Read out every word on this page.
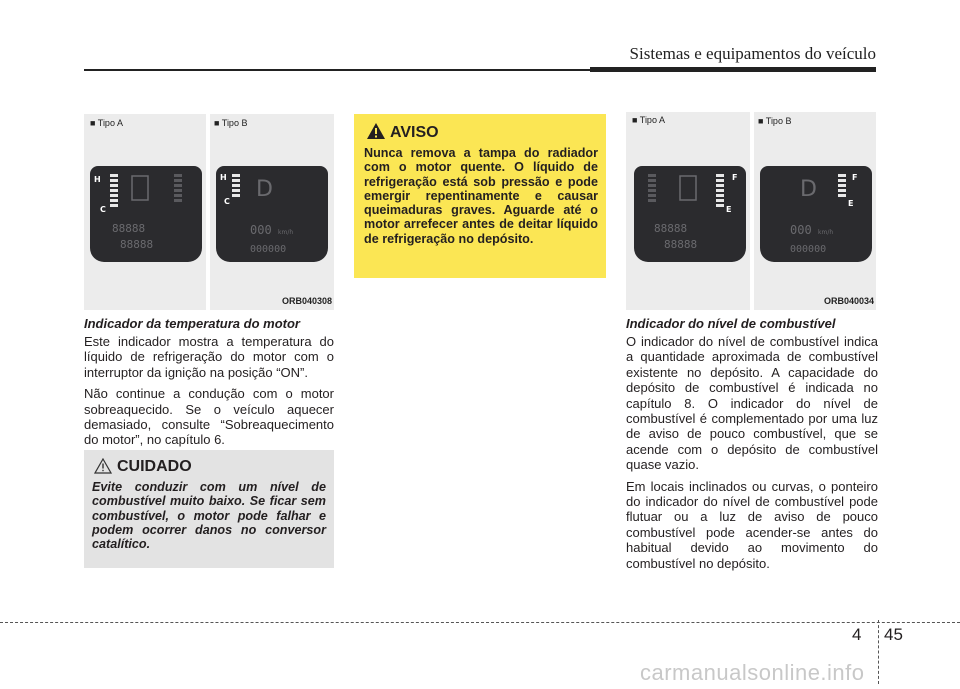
Sistemas e equipamentos do veículo
■ Tipo A	■ Tipo B
H
C
88888
88888
H
C D
000 km/h
000000
ORB040308
Indicador da temperatura do motor

Este indicador mostra a temperatura do líquido de refrigeração do motor com o interruptor da ignição na posição “ON”.

Não continue a condução com o motor sobreaquecido. Se o veículo aquecer demasiado, consulte “Sobreaquecimento do motor”, no capítulo 6.

CUIDADO
Evite conduzir com um nível de combustível muito baixo. Se ficar sem combustível, o motor pode falhar e podem ocorrer danos no conversor catalítico.
AVISO
Nunca remova a tampa do radiador com o motor quente. O líquido de refrigeração está sob pressão e pode emergir repentinamente e causar queimaduras graves. Aguarde até o motor arrefecer antes de deitar líquido de refrigeração no depósito.
■ Tipo A	■ Tipo B
F
E
88888
88888
F
E
D
000 km/h
000000
ORB040034
Indicador do nível de combustível

O indicador do nível de combustível indica a quantidade aproximada de combustível existente no depósito. A capacidade do depósito de combustível é indicada no capítulo 8. O indicador do nível de combustível é complementado por uma luz de aviso de pouco combustível, que se acende com o depósito de combustível quase vazio.

Em locais inclinados ou curvas, o ponteiro do indicador do nível de combustível pode flutuar ou a luz de aviso de pouco combustível pode acender-se antes do habitual devido ao movimento do combustível no depósito.

4 45
carmanualsonline.info
